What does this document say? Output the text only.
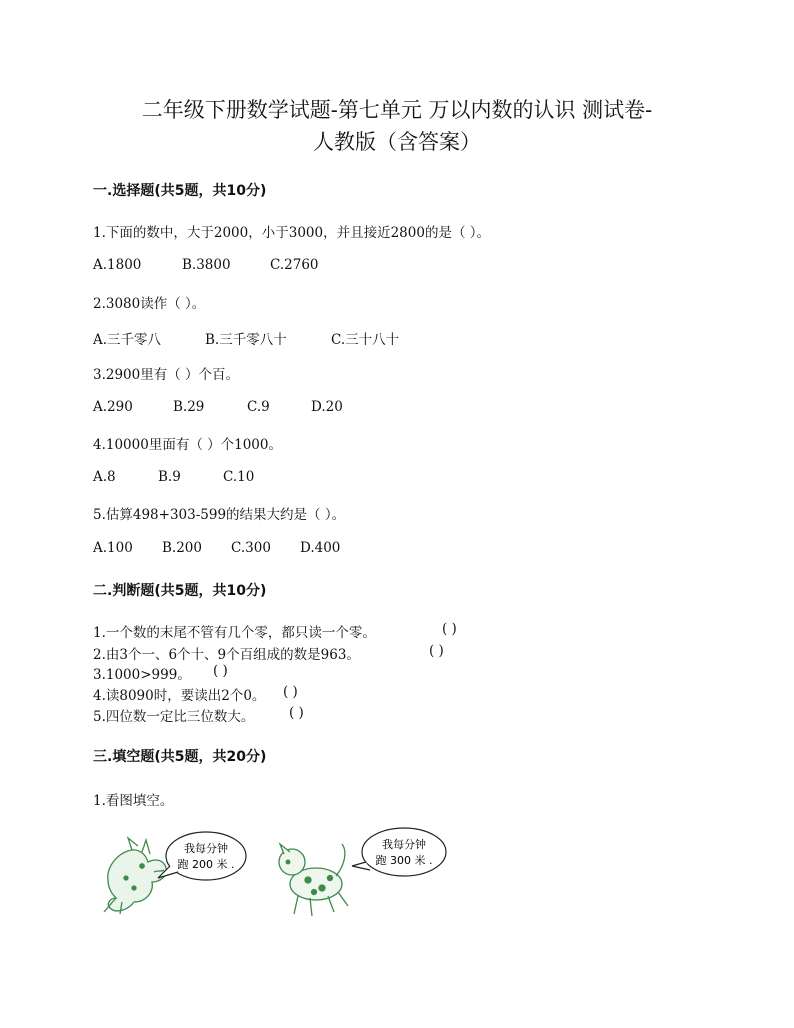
二年级下册数学试题-第七单元 万以内数的认识 测试卷-
人教版（含答案）
一.选择题(共5题，共10分)
1.下面的数中，大于2000，小于3000，并且接近2800的是（ ）。
A.1800	B.3800	C.2760
2.3080读作（ ）。
A.三千零八	B.三千零八十	C.三十八十
3.2900里有（ ）个百。
A.290	B.29	C.9	D.20
4.10000里面有（ ）个1000。
A.8	B.9	C.10
5.估算498+303-599的结果大约是（ ）。
A.100 B.200 C.300 D.400
二.判断题(共5题，共10分)
1.一个数的末尾不管有几个零，都只读一个零。	( )
2.由3个一、6个十、9个百组成的数是963。	( )
3.1000>999。 ( )
4.读8090时，要读出2个0。 ( )
5.四位数一定比三位数大。	( )
三.填空题(共5题，共20分)
1.看图填空。
我每分钟
跑 200 米 .
我每分钟
跑 300 米 .
